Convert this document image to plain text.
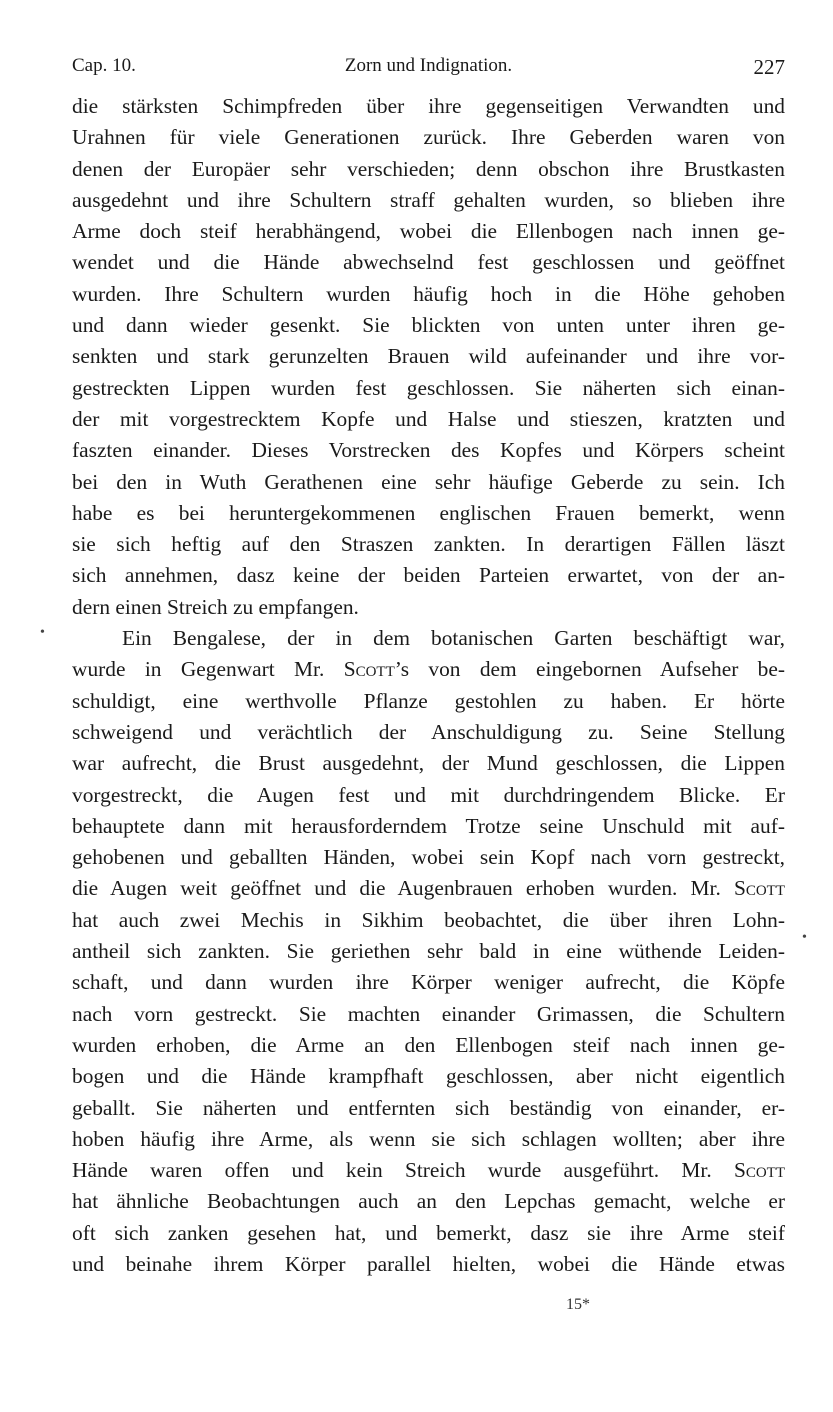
Cap. 10.	Zorn und Indignation.	227
die stärksten Schimpfreden über ihre gegenseitigen Verwandten und
Urahnen für viele Generationen zurück. Ihre Geberden waren von
denen der Europäer sehr verschieden; denn obschon ihre Brustkasten
ausgedehnt und ihre Schultern straff gehalten wurden, so blieben ihre
Arme doch steif herabhängend, wobei die Ellenbogen nach innen ge-
wendet und die Hände abwechselnd fest geschlossen und geöffnet
wurden. Ihre Schultern wurden häufig hoch in die Höhe gehoben
und dann wieder gesenkt. Sie blickten von unten unter ihren ge-
senkten und stark gerunzelten Brauen wild aufeinander und ihre vor-
gestreckten Lippen wurden fest geschlossen. Sie näherten sich einan-
der mit vorgestrecktem Kopfe und Halse und stieszen, kratzten und
faszten einander. Dieses Vorstrecken des Kopfes und Körpers scheint
bei den in Wuth Gerathenen eine sehr häufige Geberde zu sein. Ich
habe es bei heruntergekommenen englischen Frauen bemerkt, wenn
sie sich heftig auf den Straszen zankten. In derartigen Fällen läszt
sich annehmen, dasz keine der beiden Parteien erwartet, von der an-
dern einen Streich zu empfangen.
Ein Bengalese, der in dem botanischen Garten beschäftigt war,
wurde in Gegenwart Mr. Scott’s von dem eingebornen Aufseher be-
schuldigt, eine werthvolle Pflanze gestohlen zu haben. Er hörte
schweigend und verächtlich der Anschuldigung zu. Seine Stellung
war aufrecht, die Brust ausgedehnt, der Mund geschlossen, die Lippen
vorgestreckt, die Augen fest und mit durchdringendem Blicke. Er
behauptete dann mit herausforderndem Trotze seine Unschuld mit auf-
gehobenen und geballten Händen, wobei sein Kopf nach vorn gestreckt,
die Augen weit geöffnet und die Augenbrauen erhoben wurden. Mr. Scott
hat auch zwei Mechis in Sikhim beobachtet, die über ihren Lohn-
antheil sich zankten. Sie geriethen sehr bald in eine wüthende Leiden-
schaft, und dann wurden ihre Körper weniger aufrecht, die Köpfe
nach vorn gestreckt. Sie machten einander Grimassen, die Schultern
wurden erhoben, die Arme an den Ellenbogen steif nach innen ge-
bogen und die Hände krampfhaft geschlossen, aber nicht eigentlich
geballt. Sie näherten und entfernten sich beständig von einander, er-
hoben häufig ihre Arme, als wenn sie sich schlagen wollten; aber ihre
Hände waren offen und kein Streich wurde ausgeführt. Mr. Scott
hat ähnliche Beobachtungen auch an den Lepchas gemacht, welche er
oft sich zanken gesehen hat, und bemerkt, dasz sie ihre Arme steif
und beinahe ihrem Körper parallel hielten, wobei die Hände etwas
•
•
15*
